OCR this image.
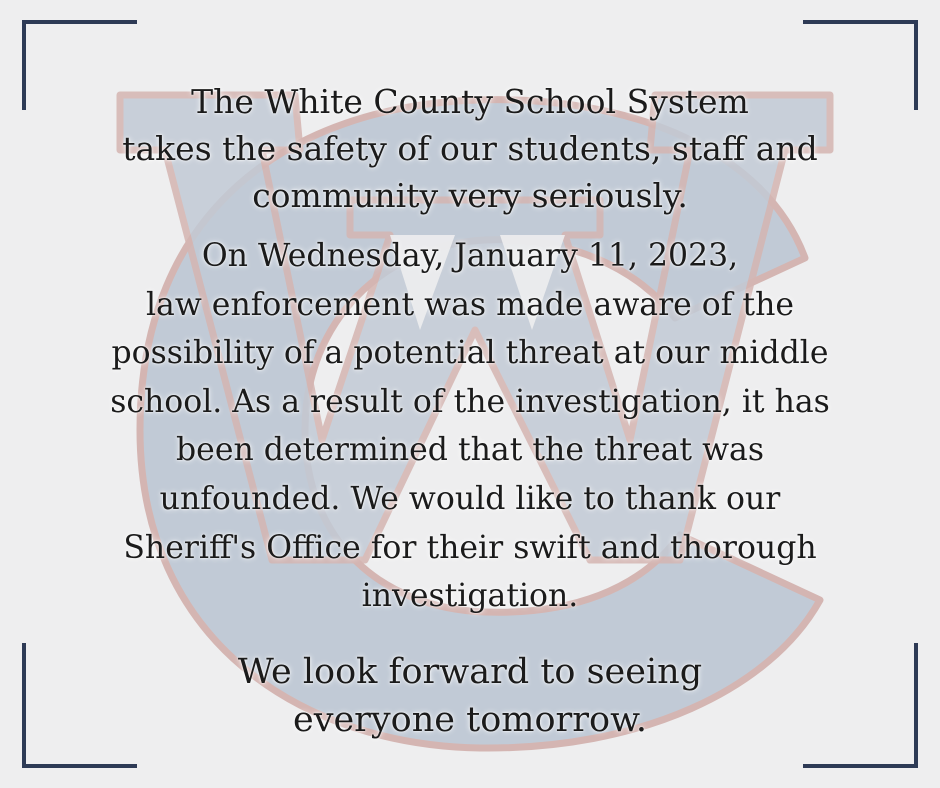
The White County School System
takes the safety of our students, staff and
community very seriously.
On Wednesday, January 11, 2023,
law enforcement was made aware of the
possibility of a potential threat at our middle
school. As a result of the investigation, it has
been determined that the threat was
unfounded. We would like to thank our
Sheriff's Office for their swift and thorough
investigation.
We look forward to seeing
everyone tomorrow.
